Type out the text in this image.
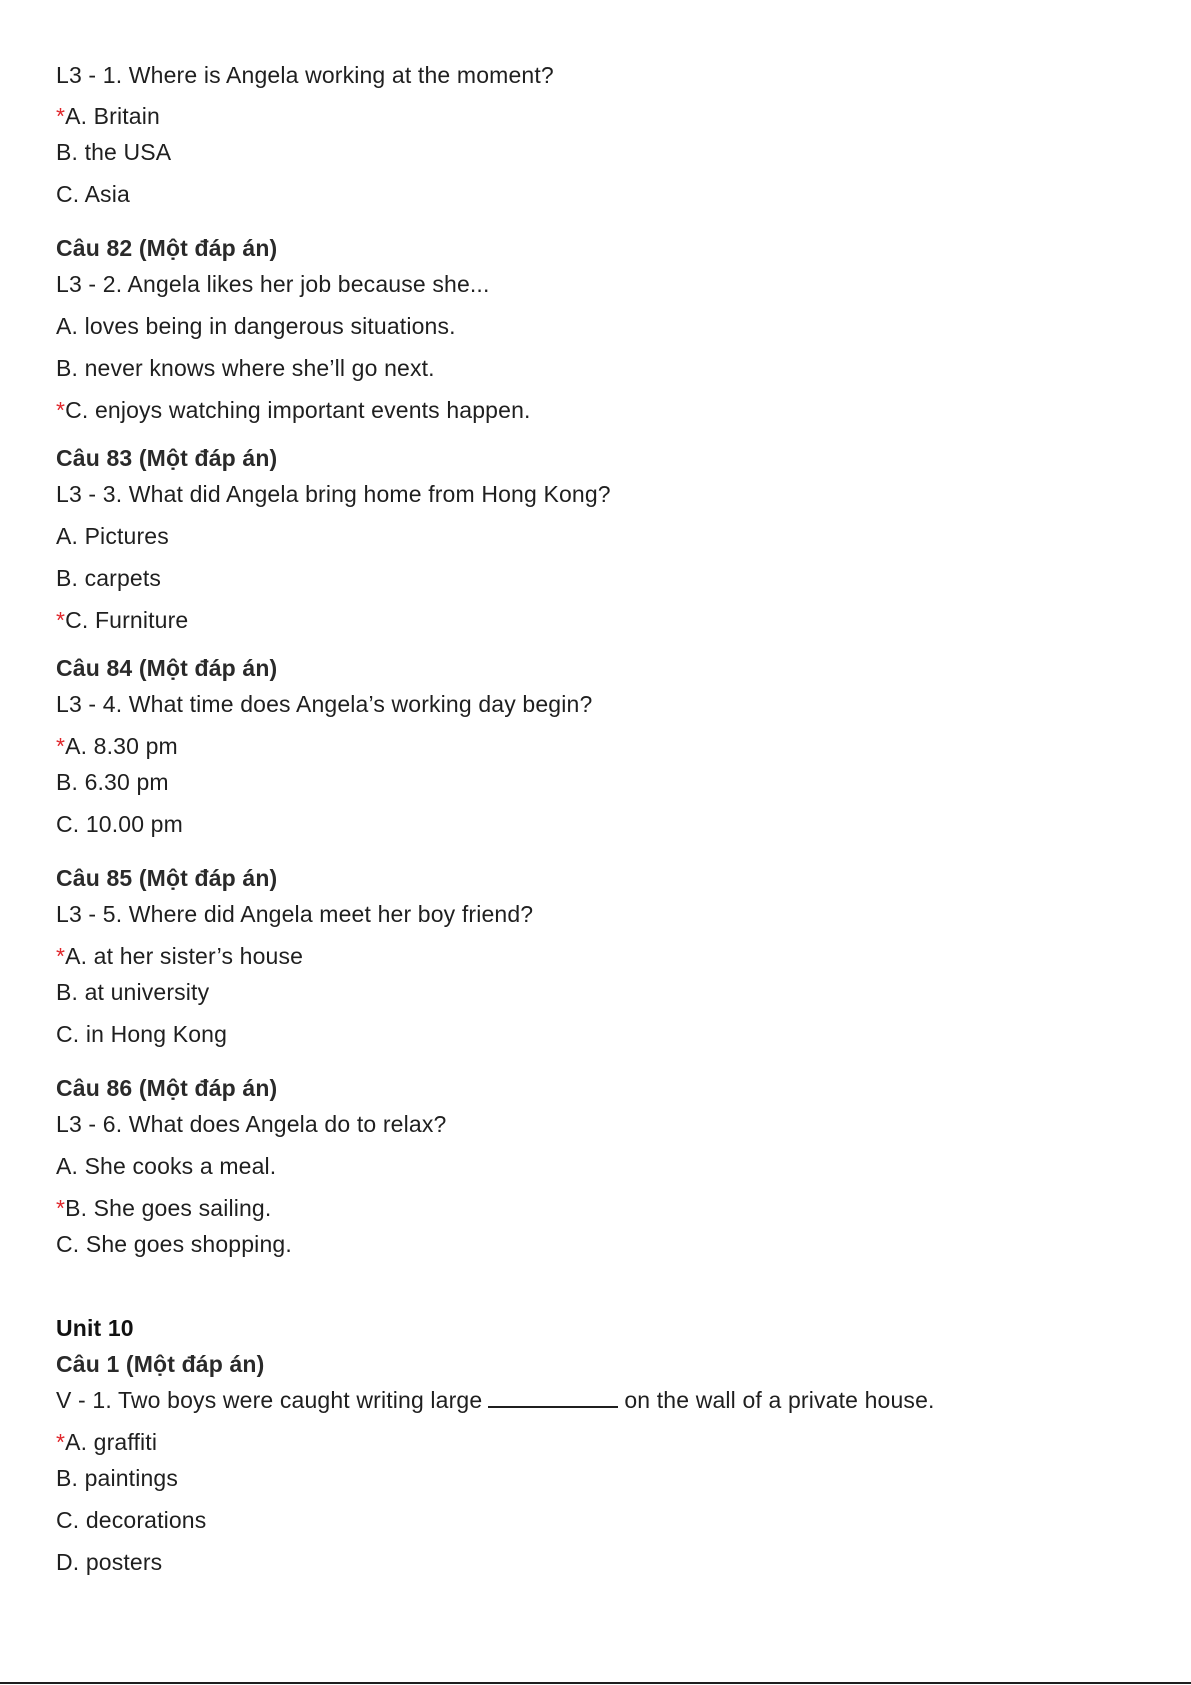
L3 - 1. Where is Angela working at the moment?
*A. Britain
B. the USA
C. Asia
Câu 82 (Một đáp án)
L3 - 2. Angela likes her job because she...
A. loves being in dangerous situations.
B. never knows where she’ll go next.
*C. enjoys watching important events happen.
Câu 83 (Một đáp án)
L3 - 3. What did Angela bring home from Hong Kong?
A. Pictures
B. carpets
*C. Furniture
Câu 84 (Một đáp án)
L3 - 4. What time does Angela’s working day begin?
*A. 8.30 pm
B. 6.30 pm
C. 10.00 pm
Câu 85 (Một đáp án)
L3 - 5. Where did Angela meet her boy friend?
*A. at her sister’s house
B. at university
C. in Hong Kong
Câu 86 (Một đáp án)
L3 - 6. What does Angela do to relax?
A. She cooks a meal.
*B. She goes sailing.
C. She goes shopping.
Unit 10
Câu 1 (Một đáp án)
V - 1. Two boys were caught writing large	on the wall of a private house.
*A. graffiti
B. paintings
C. decorations
D. posters
